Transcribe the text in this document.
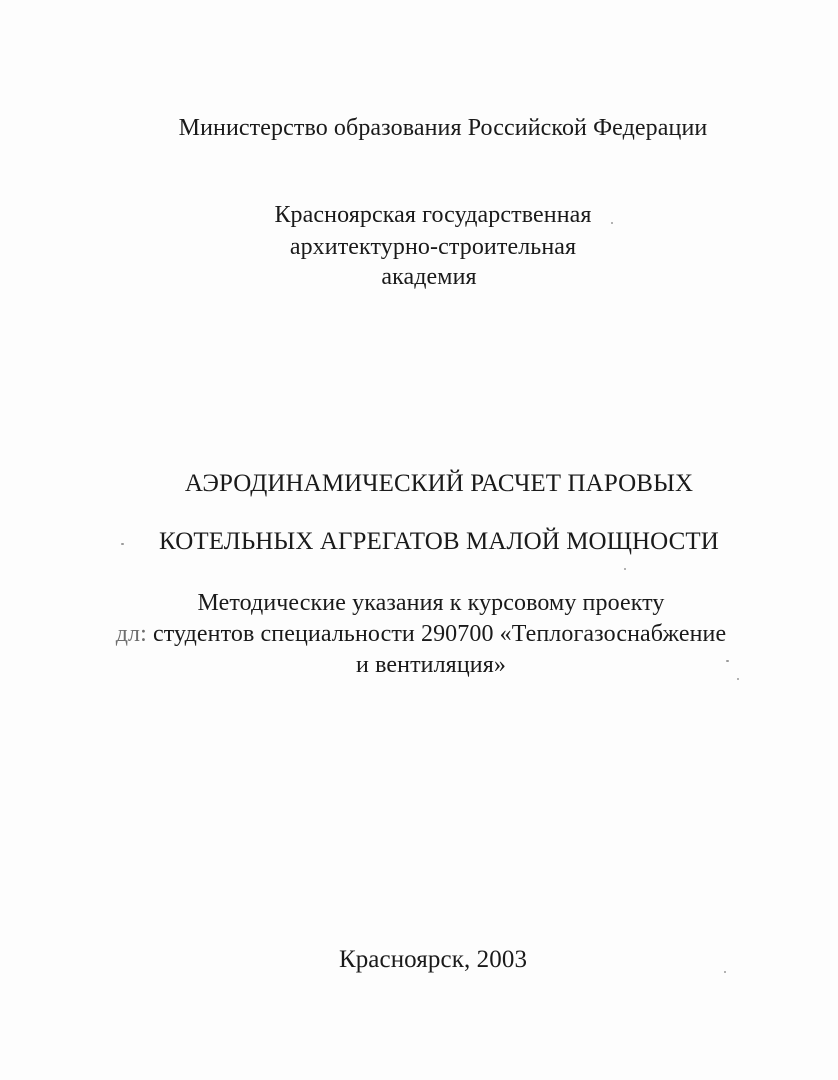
Министерство образования Российской Федерации
Красноярская государственная
архитектурно-строительная
академия
АЭРОДИНАМИЧЕСКИЙ РАСЧЕТ ПАРОВЫХ
КОТЕЛЬНЫХ АГРЕГАТОВ МАЛОЙ МОЩНОСТИ
Методические указания к курсовому проекту
дл: студентов специальности 290700 «Теплогазоснабжение
и вентиляция»
Красноярск, 2003
